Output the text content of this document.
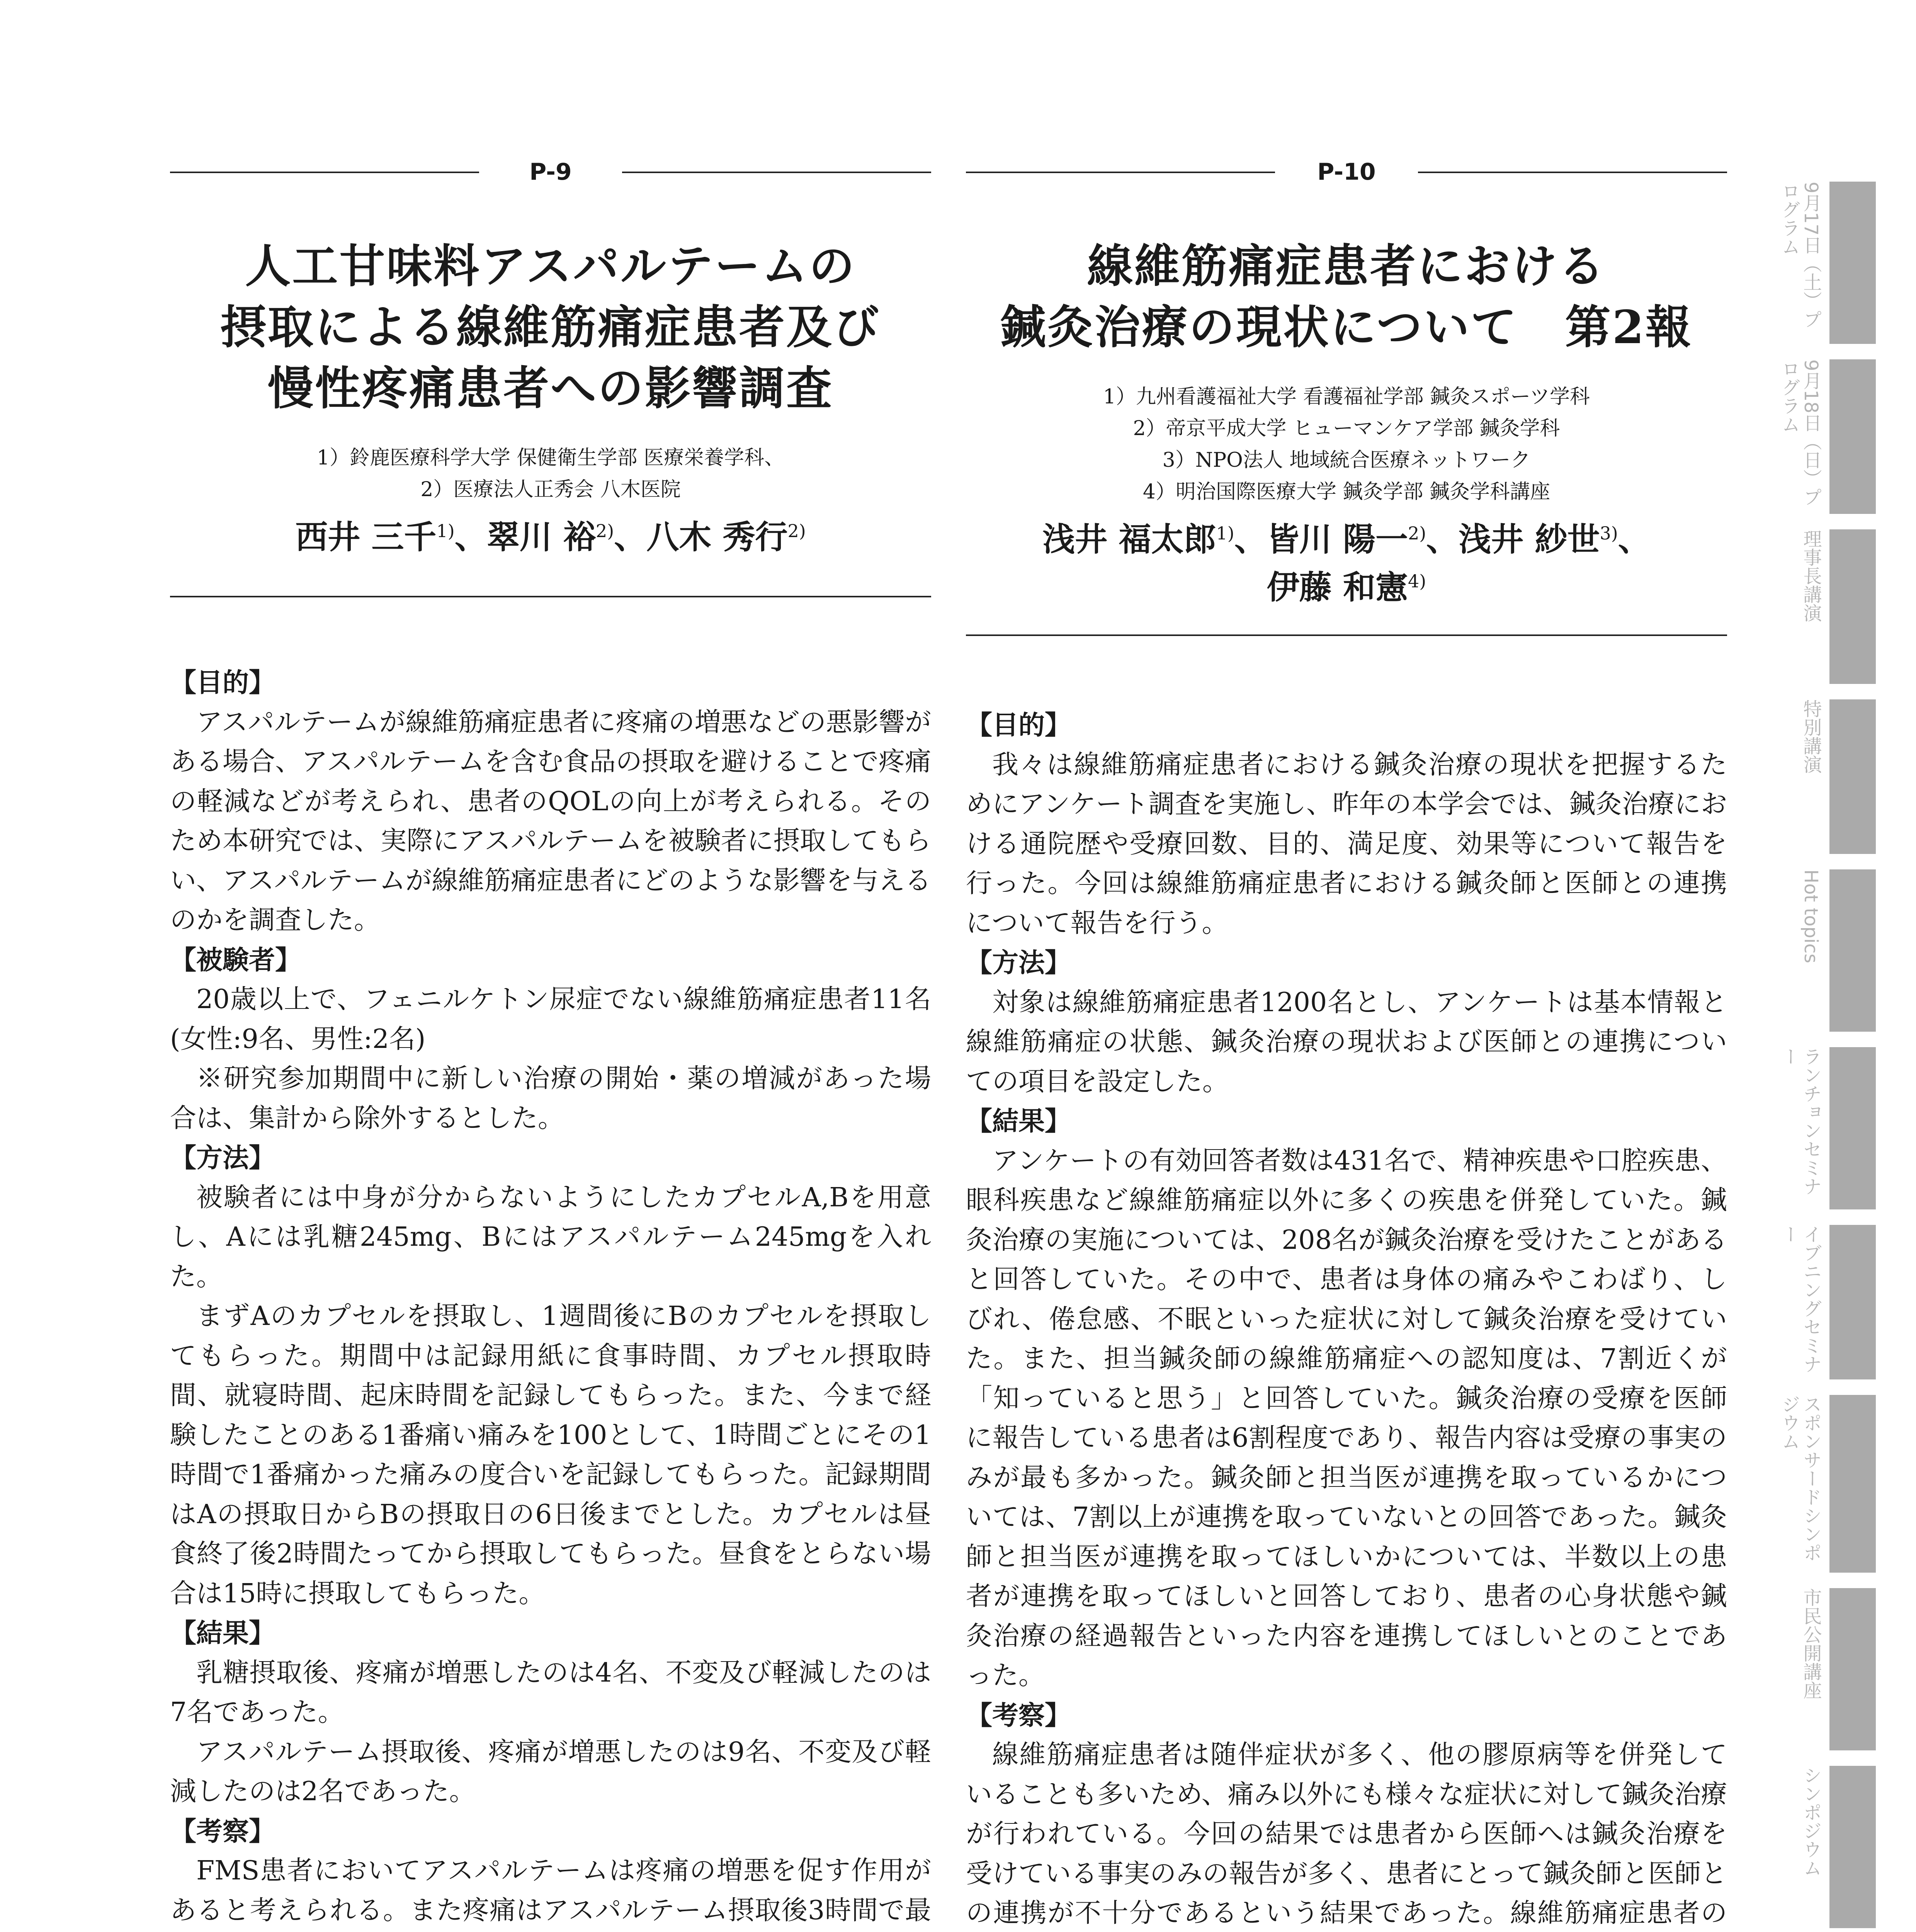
P-9
人工甘味料アスパルテームの
摂取による線維筋痛症患者及び
慢性疼痛患者への影響調査
1）鈴鹿医療科学大学 保健衛生学部 医療栄養学科、
2）医療法人正秀会 八木医院
西井 三千$^{1)}$、翠川 裕$^{2)}$、八木 秀行$^{2)}$
【目的】

アスパルテームが線維筋痛症患者に疼痛の増悪などの悪影響がある場合、アスパルテームを含む食品の摂取を避けることで疼痛の軽減などが考えられ、患者のQOLの向上が考えられる。そのため本研究では、実際にアスパルテームを被験者に摂取してもらい、アスパルテームが線維筋痛症患者にどのような影響を与えるのかを調査した。

【被験者】

20歳以上で、フェニルケトン尿症でない線維筋痛症患者11名(女性:9名、男性:2名)

※研究参加期間中に新しい治療の開始・薬の増減があった場合は、集計から除外するとした。

【方法】

被験者には中身が分からないようにしたカプセルA,Bを用意し、Aには乳糖245mg、Bにはアスパルテーム245mgを入れた。

まずAのカプセルを摂取し、1週間後にBのカプセルを摂取してもらった。期間中は記録用紙に食事時間、カプセル摂取時間、就寝時間、起床時間を記録してもらった。また、今まで経験したことのある1番痛い痛みを100として、1時間ごとにその1時間で1番痛かった痛みの度合いを記録してもらった。記録期間はAの摂取日からBの摂取日の6日後までとした。カプセルは昼食終了後2時間たってから摂取してもらった。昼食をとらない場合は15時に摂取してもらった。

【結果】

乳糖摂取後、疼痛が増悪したのは4名、不変及び軽減したのは7名であった。

アスパルテーム摂取後、疼痛が増悪したのは9名、不変及び軽減したのは2名であった。

【考察】

FMS患者においてアスパルテームは疼痛の増悪を促す作用があると考えられる。また疼痛はアスパルテーム摂取後3時間で最

P-10
線維筋痛症患者における
鍼灸治療の現状について　第2報
1）九州看護福祉大学 看護福祉学部 鍼灸スポーツ学科
2）帝京平成大学 ヒューマンケア学部 鍼灸学科
3）NPO法人 地域統合医療ネットワーク
4）明治国際医療大学 鍼灸学部 鍼灸学科講座
浅井 福太郎$^{1)}$、皆川 陽一$^{2)}$、浅井 紗世$^{3)}$、
伊藤 和憲$^{4)}$
【目的】

我々は線維筋痛症患者における鍼灸治療の現状を把握するためにアンケート調査を実施し、昨年の本学会では、鍼灸治療における通院歴や受療回数、目的、満足度、効果等について報告を行った。今回は線維筋痛症患者における鍼灸師と医師との連携について報告を行う。

【方法】

対象は線維筋痛症患者1200名とし、アンケートは基本情報と線維筋痛症の状態、鍼灸治療の現状および医師との連携についての項目を設定した。

【結果】

アンケートの有効回答者数は431名で、精神疾患や口腔疾患、眼科疾患など線維筋痛症以外に多くの疾患を併発していた。鍼灸治療の実施については、208名が鍼灸治療を受けたことがあると回答していた。その中で、患者は身体の痛みやこわばり、しびれ、倦怠感、不眠といった症状に対して鍼灸治療を受けていた。また、担当鍼灸師の線維筋痛症への認知度は、7割近くが「知っていると思う」と回答していた。鍼灸治療の受療を医師に報告している患者は6割程度であり、報告内容は受療の事実のみが最も多かった。鍼灸師と担当医が連携を取っているかについては、7割以上が連携を取っていないとの回答であった。鍼灸師と担当医が連携を取ってほしいかについては、半数以上の患者が連携を取ってほしいと回答しており、患者の心身状態や鍼灸治療の経過報告といった内容を連携してほしいとのことであった。

【考察】

線維筋痛症患者は随伴症状が多く、他の膠原病等を併発していることも多いため、痛み以外にも様々な症状に対して鍼灸治療が行われている。今回の結果では患者から医師へは鍼灸治療を受けている事実のみの報告が多く、患者にとって鍼灸師と医師との連携が不十分であるという結果であった。線維筋痛症患者の

9月17日（土）プログラム
9月18日（日）プログラム
理事長講演
特別講演
Hot topics
ランチョンセミナー
イブニングセミナー
スポンサードシンポジウム
市民公開講座
シンポジウム
